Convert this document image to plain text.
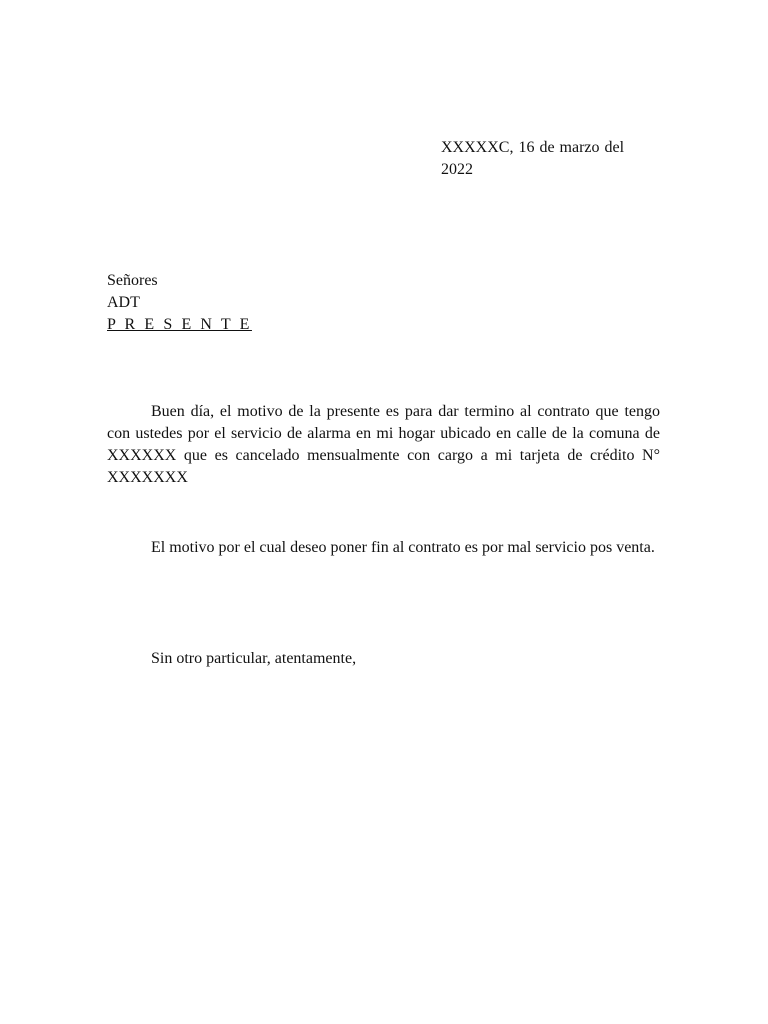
XXXXXC, 16 de marzo del 2022
Señores
ADT
P R E S E N T E
Buen día, el motivo de la presente es para dar termino al contrato que tengo con ustedes por el servicio de alarma en mi hogar ubicado en calle de la comuna de XXXXXX que es cancelado mensualmente con cargo a mi tarjeta de crédito N° XXXXXXX
El motivo por el cual deseo poner fin al contrato es por mal servicio pos venta.
Sin otro particular, atentamente,
